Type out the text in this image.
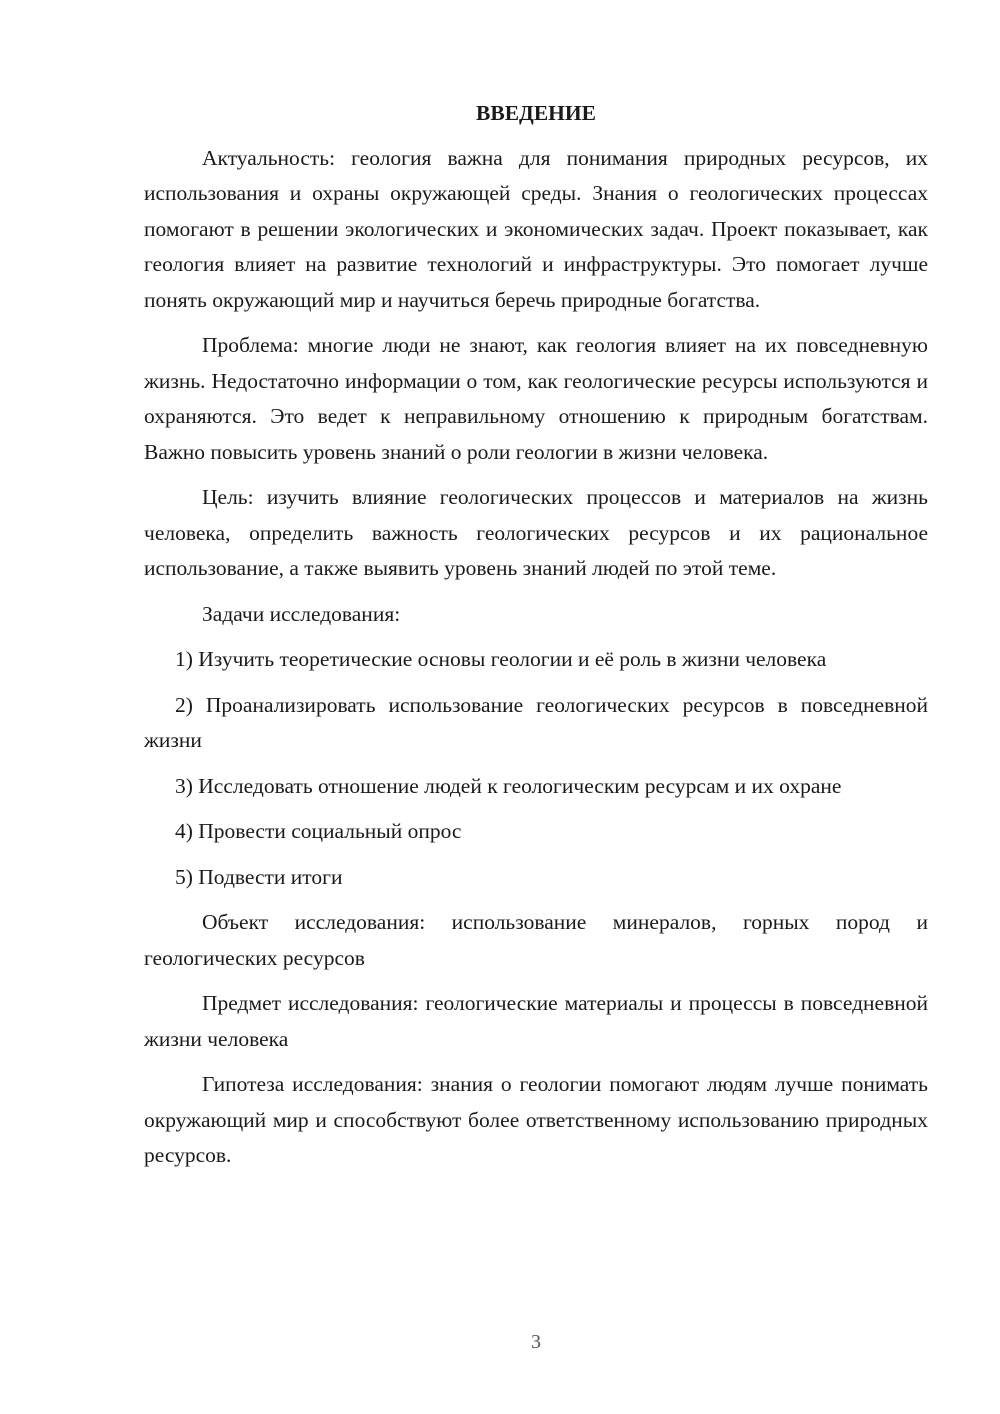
ВВЕДЕНИЕ

Актуальность: геология важна для понимания природных ресурсов, их использования и охраны окружающей среды. Знания о геологических процессах помогают в решении экологических и экономических задач. Проект показывает, как геология влияет на развитие технологий и инфраструктуры. Это помогает лучше понять окружающий мир и научиться беречь природные богатства.

Проблема: многие люди не знают, как геология влияет на их повседневную жизнь. Недостаточно информации о том, как геологические ресурсы используются и охраняются. Это ведет к неправильному отношению к природным богатствам. Важно повысить уровень знаний о роли геологии в жизни человека.

Цель: изучить влияние геологических процессов и материалов на жизнь человека, определить важность геологических ресурсов и их рациональное использование, а также выявить уровень знаний людей по этой теме.

Задачи исследования:

1) Изучить теоретические основы геологии и её роль в жизни человека

2) Проанализировать использование геологических ресурсов в повседневной жизни

3) Исследовать отношение людей к геологическим ресурсам и их охране

4) Провести социальный опрос

5) Подвести итоги

Объект исследования: использование минералов, горных пород и геологических ресурсов

Предмет исследования: геологические материалы и процессы в повседневной жизни человека

Гипотеза исследования: знания о геологии помогают людям лучше понимать окружающий мир и способствуют более ответственному использованию природных ресурсов.

3
